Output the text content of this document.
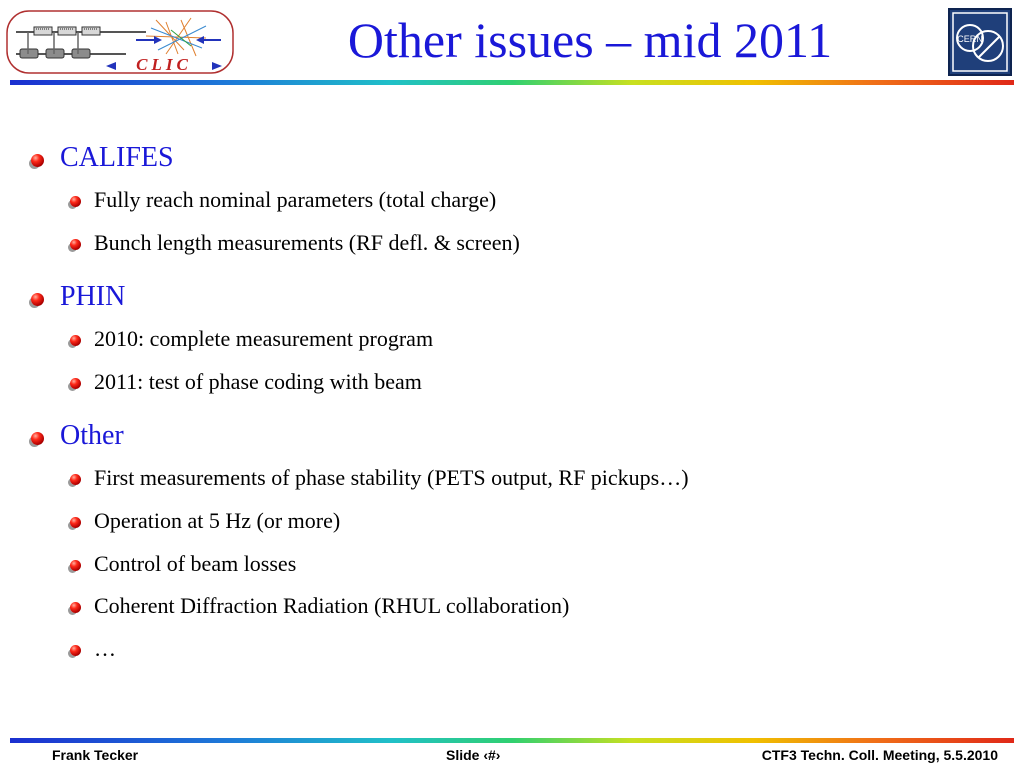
CLIC	Other issues – mid 2011	CERN
CALIFES
Fully reach nominal parameters (total charge)
Bunch length measurements (RF defl. & screen)
PHIN
2010: complete measurement program
2011: test of phase coding with beam
Other
First measurements of phase stability (PETS output, RF pickups…)
Operation at 5 Hz (or more)
Control of beam losses
Coherent Diffraction Radiation (RHUL collaboration)
…
Frank Tecker	Slide ‹#›	CTF3 Techn. Coll. Meeting, 5.5.2010
